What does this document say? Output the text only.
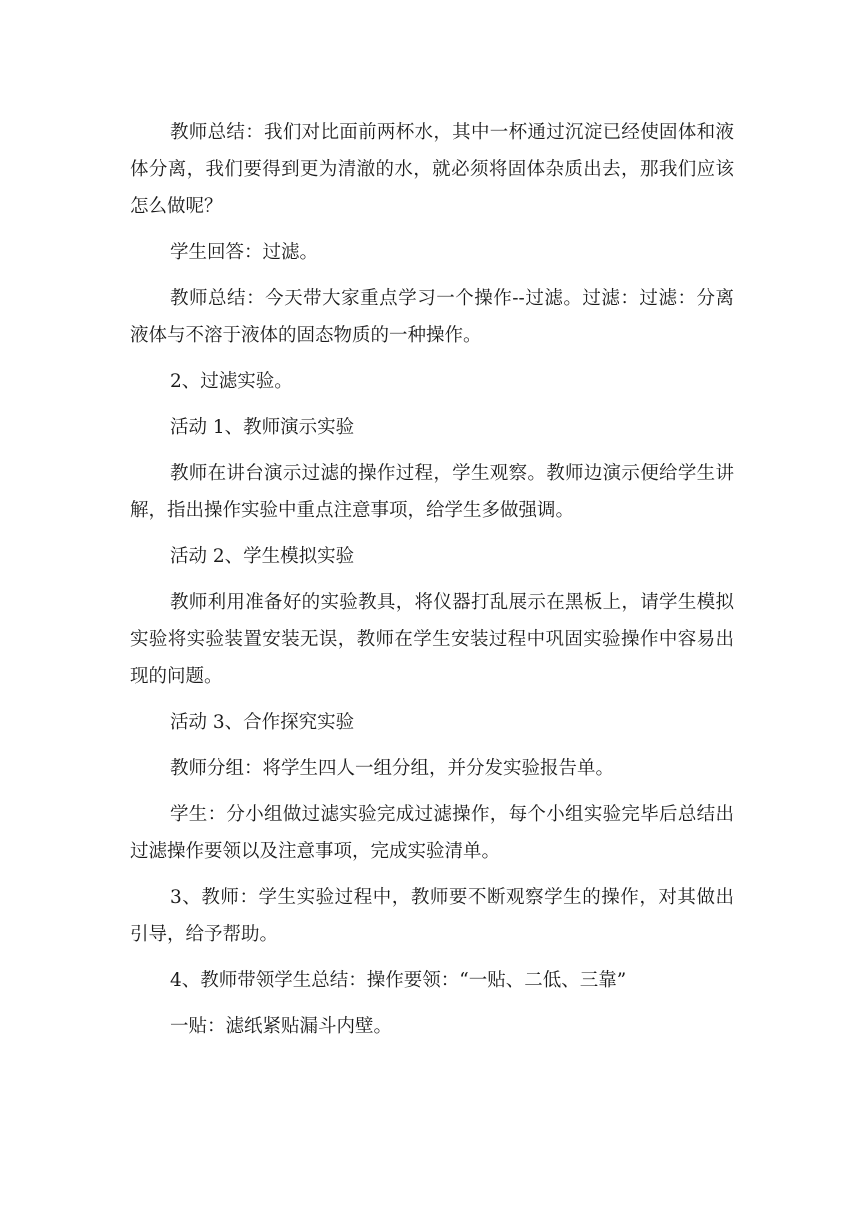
教师总结：我们对比面前两杯水，其中一杯通过沉淀已经使固体和液体分离，我们要得到更为清澈的水，就必须将固体杂质出去，那我们应该怎么做呢？

学生回答：过滤。

教师总结：今天带大家重点学习一个操作--过滤。过滤：过滤：分离液体与不溶于液体的固态物质的一种操作。

2、过滤实验。

活动 1、教师演示实验

教师在讲台演示过滤的操作过程，学生观察。教师边演示便给学生讲解，指出操作实验中重点注意事项，给学生多做强调。

活动 2、学生模拟实验

教师利用准备好的实验教具，将仪器打乱展示在黑板上，请学生模拟实验将实验装置安装无误，教师在学生安装过程中巩固实验操作中容易出现的问题。

活动 3、合作探究实验

教师分组：将学生四人一组分组，并分发实验报告单。

学生：分小组做过滤实验完成过滤操作，每个小组实验完毕后总结出过滤操作要领以及注意事项，完成实验清单。

3、教师：学生实验过程中，教师要不断观察学生的操作，对其做出引导，给予帮助。

4、教师带领学生总结：操作要领：“一贴、二低、三靠”

一贴：滤纸紧贴漏斗内壁。
